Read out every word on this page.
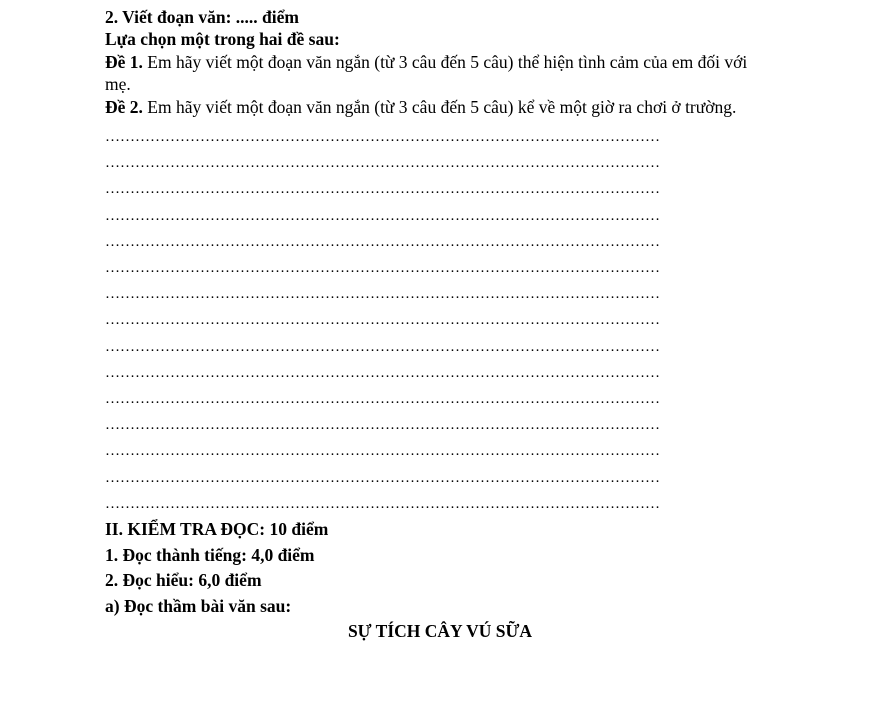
2. Viết đoạn văn: ..... điểm

Lựa chọn một trong hai đề sau:

Đề 1. Em hãy viết một đoạn văn ngắn (từ 3 câu đến 5 câu) thể hiện tình cảm của em đối với mẹ.

Đề 2. Em hãy viết một đoạn văn ngắn (từ 3 câu đến 5 câu) kể về một giờ ra chơi ở trường.

…………………………………………………………………………………………………
…………………………………………………………………………………………………
…………………………………………………………………………………………………
…………………………………………………………………………………………………
…………………………………………………………………………………………………
…………………………………………………………………………………………………
…………………………………………………………………………………………………
…………………………………………………………………………………………………
…………………………………………………………………………………………………
…………………………………………………………………………………………………
…………………………………………………………………………………………………
…………………………………………………………………………………………………
…………………………………………………………………………………………………
…………………………………………………………………………………………………
…………………………………………………………………………………………………

II. KIỂM TRA ĐỌC: 10 điểm

1. Đọc thành tiếng: 4,0 điểm

2. Đọc hiểu: 6,0 điểm

a) Đọc thầm bài văn sau:

SỰ TÍCH CÂY VÚ SỮA
